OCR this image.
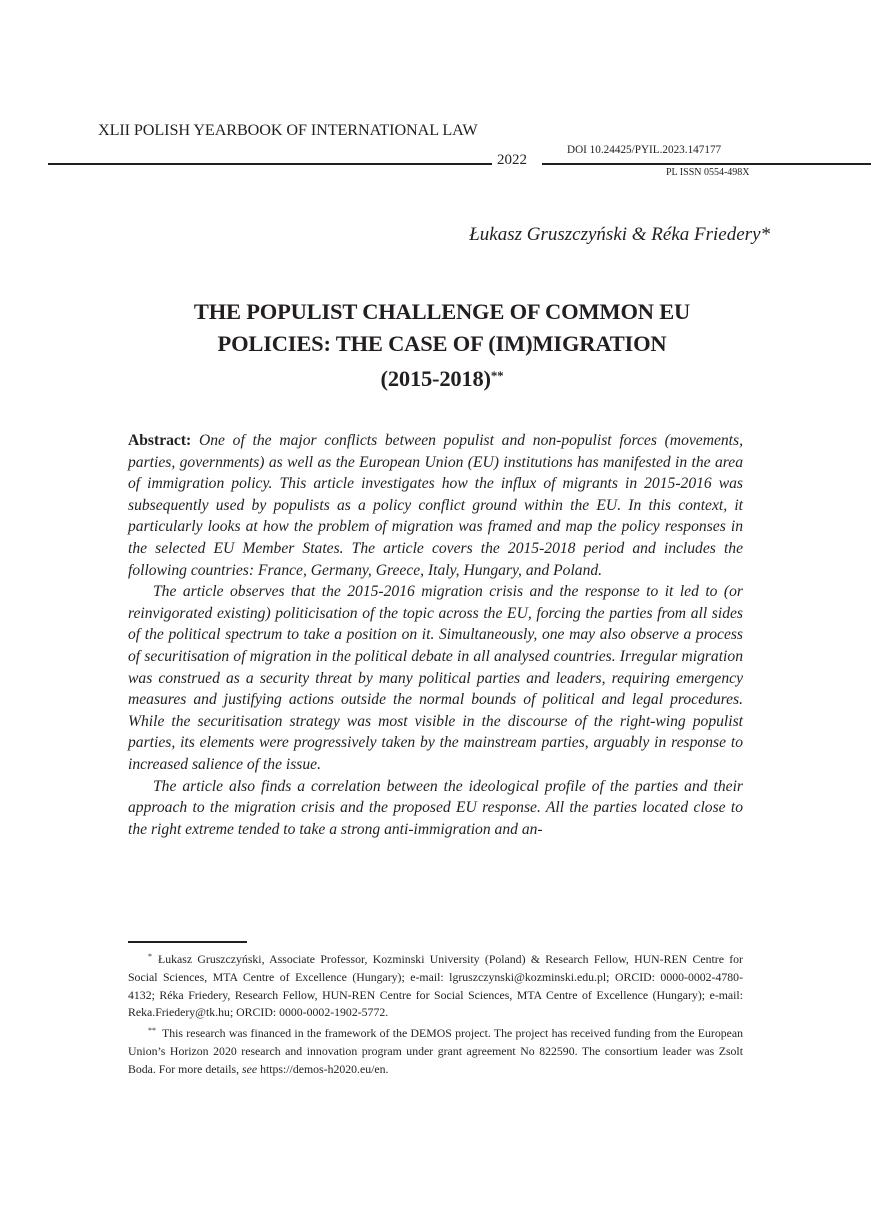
XLII POLISH YEARBOOK OF INTERNATIONAL LAW
2022
DOI 10.24425/PYIL.2023.147177
PL ISSN 0554-498X
Łukasz Gruszczyński & Réka Friedery*
THE POPULIST CHALLENGE OF COMMON EU
POLICIES: THE CASE OF (IM)MIGRATION
(2015-2018)**

Abstract: One of the major conflicts between populist and non-populist forces (movements, parties, governments) as well as the European Union (EU) institutions has manifested in the area of immigration policy. This article investigates how the influx of migrants in 2015-2016 was subsequently used by populists as a policy conflict ground within the EU. In this context, it particularly looks at how the problem of migration was framed and map the policy responses in the selected EU Member States. The article covers the 2015-2018 period and includes the following countries: France, Germany, Greece, Italy, Hungary, and Poland.

The article observes that the 2015-2016 migration crisis and the response to it led to (or reinvigorated existing) politicisation of the topic across the EU, forcing the parties from all sides of the political spectrum to take a position on it. Simultaneously, one may also observe a process of securitisation of migration in the political debate in all analysed countries. Irregular migration was construed as a security threat by many political parties and leaders, requiring emergency measures and justifying actions outside the normal bounds of political and legal procedures. While the securitisation strategy was most visible in the discourse of the right-wing populist parties, its elements were progressively taken by the mainstream parties, arguably in response to increased salience of the issue.

The article also finds a correlation between the ideological profile of the parties and their approach to the migration crisis and the proposed EU response. All the parties located close to the right extreme tended to take a strong anti-immigration and an-

* Łukasz Gruszczyński, Associate Professor, Kozminski University (Poland) & Research Fellow, HUN-REN Centre for Social Sciences, MTA Centre of Excellence (Hungary); e-mail: lgruszczynski@kozminski.edu.pl; ORCID: 0000-0002-4780-4132; Réka Friedery, Research Fellow, HUN-REN Centre for Social Sciences, MTA Centre of Excellence (Hungary); e-mail: Reka.Friedery@tk.hu; ORCID: 0000-0002-1902-5772.

** This research was financed in the framework of the DEMOS project. The project has received funding from the European Union’s Horizon 2020 research and innovation program under grant agreement No 822590. The consortium leader was Zsolt Boda. For more details, see https://demos-h2020.eu/en.
